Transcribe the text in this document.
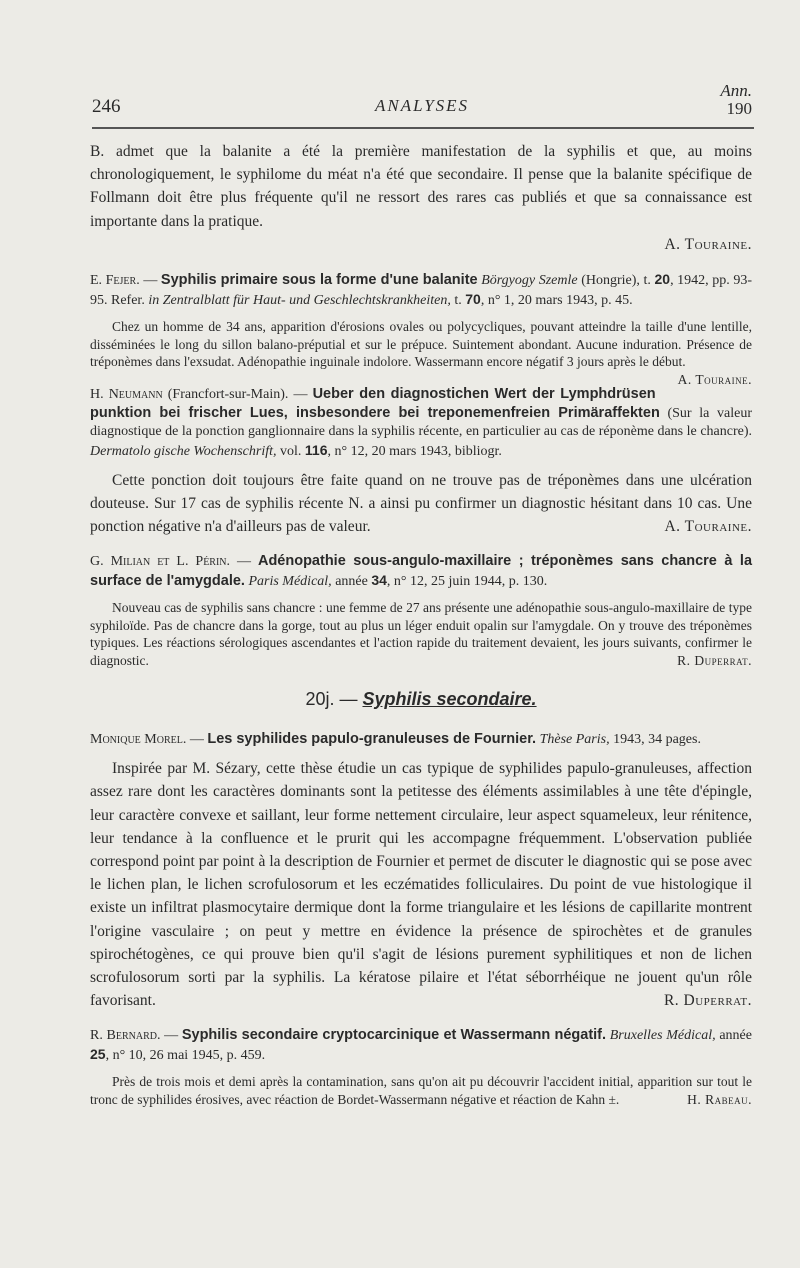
246	ANALYSES
Ann.
190

B. admet que la balanite a été la première manifestation de la syphilis et que, au moins chronologiquement, le syphilome du méat n'a été que secondaire. Il pense que la balanite spécifique de Follmann doit être plus fréquente qu'il ne ressort des rares cas publiés et que sa connaissance est importante dans la pratique.

A. Touraine.

E. Fejer. — Syphilis primaire sous la forme d'une balanite Börgyogy Szemle (Hongrie), t. 20, 1942, pp. 93-95. Refer. in Zentralblatt für Haut- und Geschlechtskrankheiten, t. 70, n° 1, 20 mars 1943, p. 45.

Chez un homme de 34 ans, apparition d'érosions ovales ou polycycliques, pouvant atteindre la taille d'une lentille, disséminées le long du sillon balano-préputial et sur le prépuce. Suintement abondant. Aucune induration. Présence de tréponèmes dans l'exsudat. Adénopathie inguinale indolore. Wassermann encore négatif 3 jours après le début.
A. Touraine.

H. Neumann (Francfort-sur-Main). — Ueber den diagnostichen Wert der Lymphdrüsen punktion bei frischer Lues, insbesondere bei treponemenfreien Primäraffekten (Sur la valeur diagnostique de la ponction ganglionnaire dans la syphilis récente, en particulier au cas de réponème dans le chancre). Dermatolo gische Wochenschrift, vol. 116, n° 12, 20 mars 1943, bibliogr.

Cette ponction doit toujours être faite quand on ne trouve pas de tréponèmes dans une ulcération douteuse. Sur 17 cas de syphilis récente N. a ainsi pu confirmer un diagnostic hésitant dans 10 cas. Une ponction négative n'a d'ailleurs pas de valeur.	A. Touraine.

G. Milian et L. Périn. — Adénopathie sous-angulo-maxillaire ; tréponèmes sans chancre à la surface de l'amygdale. Paris Médical, année 34, n° 12, 25 juin 1944, p. 130.

Nouveau cas de syphilis sans chancre : une femme de 27 ans présente une adénopathie sous-angulo-maxillaire de type syphiloïde. Pas de chancre dans la gorge, tout au plus un léger enduit opalin sur l'amygdale. On y trouve des tréponèmes typiques. Les réactions sérologiques ascendantes et l'action rapide du traitement devaient, les jours suivants, confirmer le diagnostic.	R. Duperrat.

20j. — Syphilis secondaire.

Monique Morel. — Les syphilides papulo-granuleuses de Fournier. Thèse Paris, 1943, 34 pages.

Inspirée par M. Sézary, cette thèse étudie un cas typique de syphilides papulo-granuleuses, affection assez rare dont les caractères dominants sont la petitesse des éléments assimilables à une tête d'épingle, leur caractère convexe et saillant, leur forme nettement circulaire, leur aspect squameleux, leur rénitence, leur tendance à la confluence et le prurit qui les accompagne fréquemment. L'observation publiée correspond point par point à la description de Fournier et permet de discuter le diagnostic qui se pose avec le lichen plan, le lichen scrofulosorum et les eczématides folliculaires. Du point de vue histologique il existe un infiltrat plasmocytaire dermique dont la forme triangulaire et les lésions de capillarite montrent l'origine vasculaire ; on peut y mettre en évidence la présence de spirochètes et de granules spirochétogènes, ce qui prouve bien qu'il s'agit de lésions purement syphilitiques et non de lichen scrofulosorum sorti par la syphilis. La kératose pilaire et l'état séborrhéique ne jouent qu'un rôle favorisant.	R. Duperrat.

R. Bernard. — Syphilis secondaire cryptocarcinique et Wassermann négatif. Bruxelles Médical, année 25, n° 10, 26 mai 1945, p. 459.

Près de trois mois et demi après la contamination, sans qu'on ait pu découvrir l'accident initial, apparition sur tout le tronc de syphilides érosives, avec réaction de Bordet-Wassermann négative et réaction de Kahn ±.	H. Rabeau.
